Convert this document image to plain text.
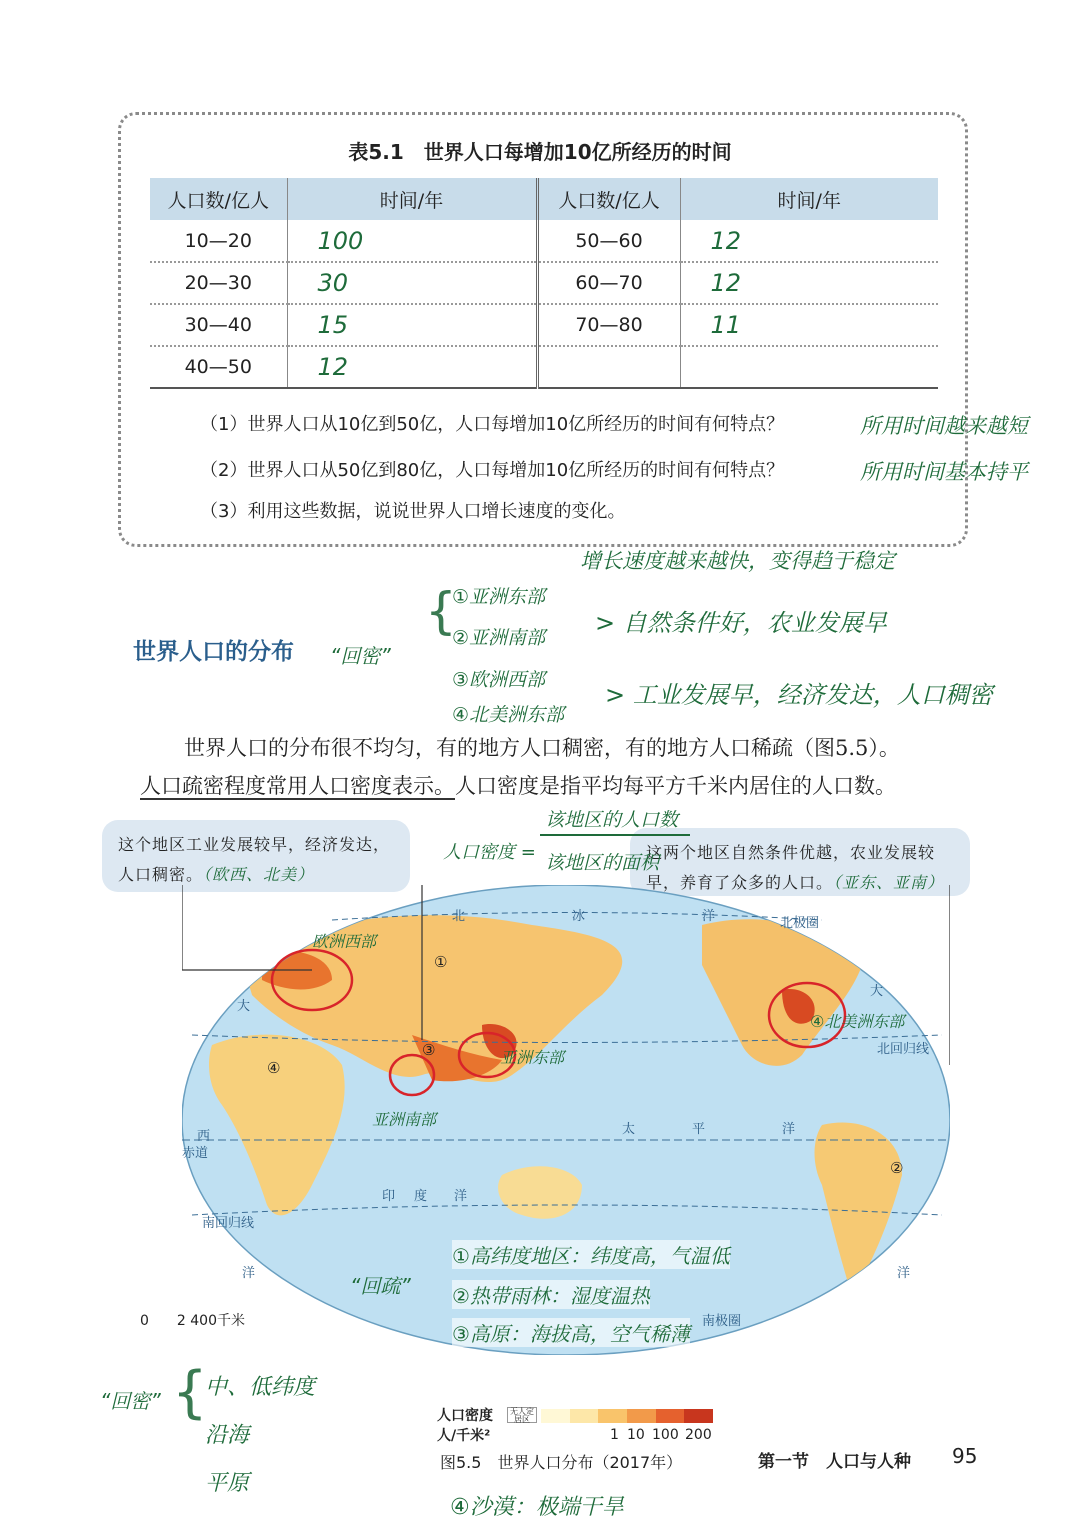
表5.1　世界人口每增加10亿所经历的时间
人口数/亿人	时间/年	人口数/亿人	时间/年
10—20	100	50—60	12
20—30	30	60—70	12
30—40	15	70—80	11
40—50	12		
（1）世界人口从10亿到50亿，人口每增加10亿所经历的时间有何特点？
（2）世界人口从50亿到80亿，人口每增加10亿所经历的时间有何特点？
（3）利用这些数据，说说世界人口增长速度的变化。
所用时间越来越短
所用时间基本持平
增长速度越来越快，变得趋于稳定
世界人口的分布 “回密”
{
①亚洲东部
②亚洲南部
③欧洲西部
④北美洲东部
> 自然条件好，农业发展早
> 工业发展早，经济发达，人口稠密
世界人口的分布很不均匀，有的地方人口稠密，有的地方人口稀疏（图5.5）。
人口疏密程度常用人口密度表示。人口密度是指平均每平方千米内居住的人口数。
这个地区工业发展较早，经济发达，人口稠密。（欧西、北美）
这两个地区自然条件优越，农业发展较早，养育了众多的人口。（亚东、亚南）
该地区的人口数
人口密度 = 该地区的面积
北	冰	洋	北极圈
大
大
北回归线
西
赤道
太	平	洋
印 度 洋
南回归线
洋	洋
南极圈
①
②
③
④
欧洲西部
亚洲东部
亚洲南部
④北美洲东部
“回疏”
①高纬度地区：纬度高，气温低
②热带雨林：湿度温热
③高原：海拔高，空气稀薄
0　　2 400千米
人口密度
人/千米²
无人定居区
1 10 100 200
图5.5　世界人口分布（2017年）	第一节　人口与人种 95
“回密” {
中、低纬度
沿海
平原
④沙漠：极端干旱
